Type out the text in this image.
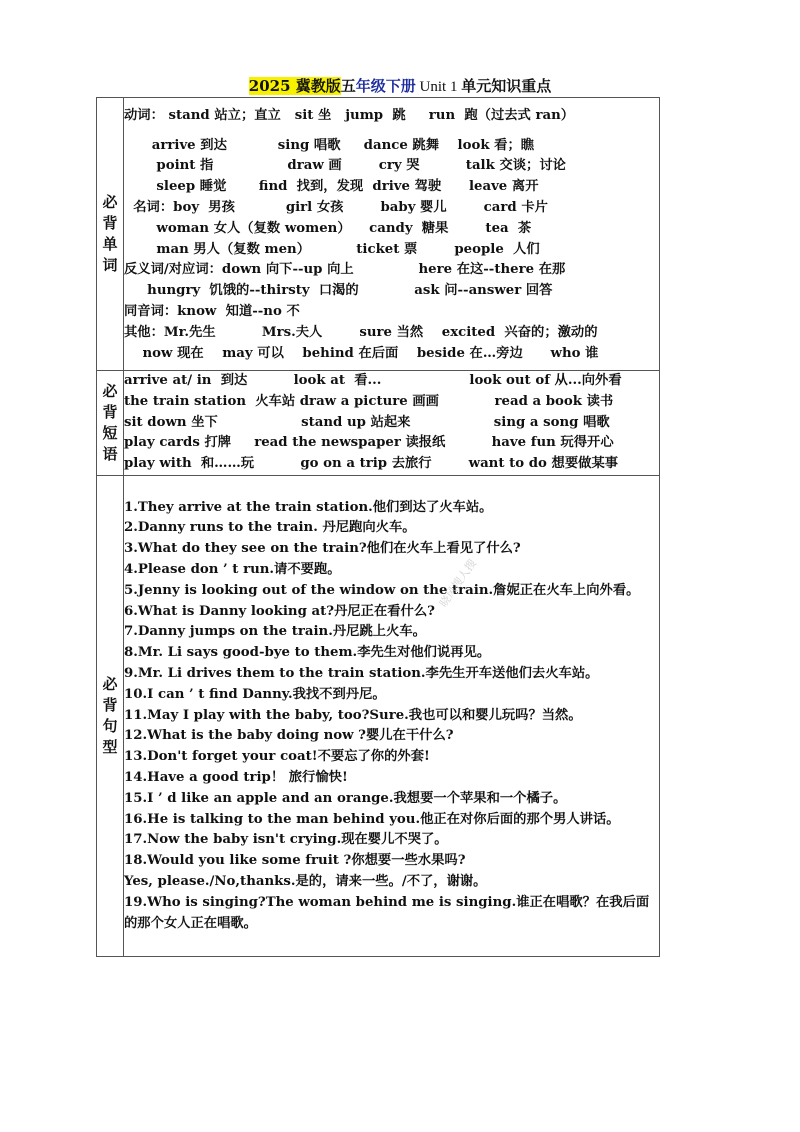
2025 冀教版五年级下册 Unit 1 单元知识重点
必
背
单
词

动词： stand 站立；直立   sit 坐   jump  跳     run  跑（过去式 ran）
arrive 到达           sing 唱歌     dance 跳舞    look 看；瞧
point 指                draw 画        cry 哭          talk 交谈；讨论
sleep 睡觉       find  找到，发现  drive 驾驶      leave 离开
名词：boy  男孩           girl 女孩        baby 婴儿        card 卡片
woman 女人（复数 women）    candy  糖果        tea  茶
man 男人（复数 men）          ticket 票        people  人们
反义词/对应词：down 向下--up 向上              here 在这--there 在那
hungry  饥饿的--thirsty  口渴的            ask 问--answer 回答
同音词：know  知道--no 不
其他：Mr.先生          Mrs.夫人        sure 当然    excited  兴奋的；激动的
now 现在    may 可以    behind 在后面    beside 在…旁边      who 谁

必
背
短
语

arrive at/ in  到达          look at  看...                   look out of 从...向外看
the train station  火车站 draw a picture 画画            read a book 读书
sit down 坐下                  stand up 站起来                  sing a song 唱歌
play cards 打牌     read the newspaper 读报纸          have fun 玩得开心
play with  和……玩          go on a trip 去旅行        want to do 想要做某事

必
背
句
型

1.They arrive at the train station.他们到达了火车站。
2.Danny runs to the train. 丹尼跑向火车。
3.What do they see on the train?他们在火车上看见了什么?
4.Please don ’ t run.请不要跑。
5.Jenny is looking out of the window on the train.詹妮正在火车上向外看。
6.What is Danny looking at?丹尼正在看什么?
7.Danny jumps on the train.丹尼跳上火车。
8.Mr. Li says good-bye to them.李先生对他们说再见。
9.Mr. Li drives them to the train station.李先生开车送他们去火车站。
10.I can ’ t find Danny.我找不到丹尼。
11.May I play with the baby, too?Sure.我也可以和婴儿玩吗？当然。
12.What is the baby doing now ?婴儿在干什么?
13.Don't forget your coat!不要忘了你的外套!
14.Have a good trip！ 旅行愉快!
15.I ’ d like an apple and an orange.我想要一个苹果和一个橘子。
16.He is talking to the man behind you.他正在对你后面的那个男人讲话。
17.Now the baby isn't crying.现在婴儿不哭了。
18.Would you like some fruit ?你想要一些水果吗?
Yes, please./No,thanks.是的，请来一些。/不了，谢谢。
19.Who is singing?The woman behind me is singing.谁正在唱歌？在我后面的那个女人正在唱歌。
晓风搜人搜
